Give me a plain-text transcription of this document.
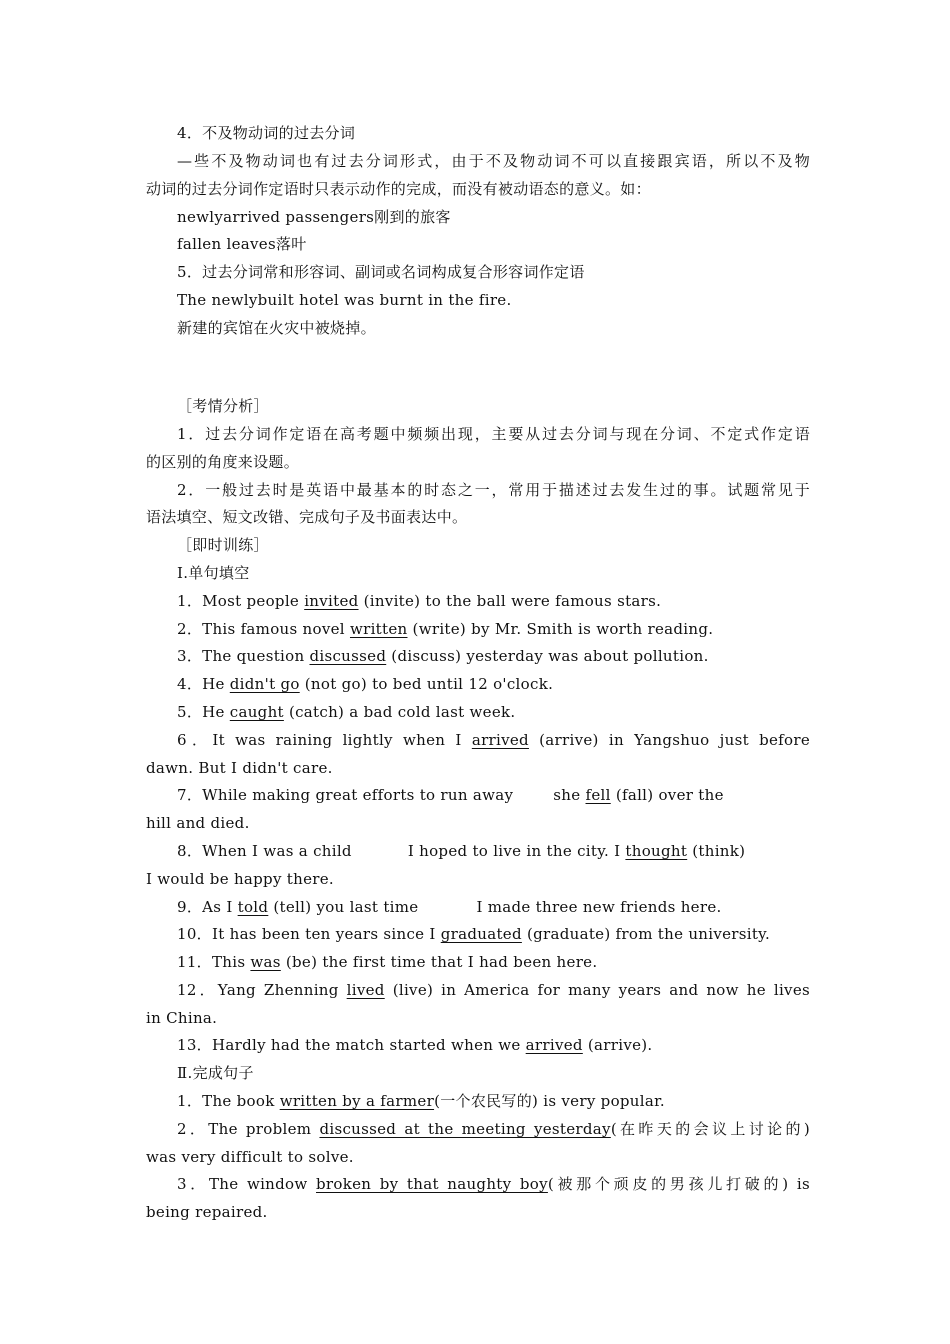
4．不及物动词的过去分词
—些不及物动词也有过去分词形式，由于不及物动词不可以直接跟宾语，所以不及物
动词的过去分词作定语时只表示动作的完成，而没有被动语态的意义。如：
newlyarrived passengers刚到的旅客
fallen leaves落叶
5．过去分词常和形容词、副词或名词构成复合形容词作定语
The newlybuilt hotel was burnt in the fire.
新建的宾馆在火灾中被烧掉。
［考情分析］
1．过去分词作定语在高考题中频频出现，主要从过去分词与现在分词、不定式作定语
的区别的角度来设题。
2．一般过去时是英语中最基本的时态之一，常用于描述过去发生过的事。试题常见于
语法填空、短文改错、完成句子及书面表达中。
［即时训练］
Ⅰ.单句填空
1．Most people invited (invite) to the ball were famous stars.
2．This famous novel written (write) by Mr. Smith is worth reading.
3．The question discussed (discuss) yesterday was about pollution.
4．He didn't go (not go) to bed until 12 o'clock.
5．He caught (catch) a bad cold last week.
6．It was raining lightly when I arrived (arrive) in Yangshuo just before
dawn. But I didn't care.
7．While making great efforts to run away	she fell (fall) over the
hill and died.
8．When I was a child	I hoped to live in the city. I thought (think)
I would be happy there.
9．As I told (tell) you last time	I made three new friends here.
10．It has been ten years since I graduated (graduate) from the university.
11．This was (be) the first time that I had been here.
12．Yang Zhenning lived (live) in America for many years and now he lives
in China.
13．Hardly had the match started when we arrived (arrive).
Ⅱ.完成句子
1．The book written by a farmer(一个农民写的) is very popular.
2．The problem discussed at the meeting yesterday(在昨天的会议上讨论的)
was very difficult to solve.
3．The window broken by that naughty boy(被那个顽皮的男孩儿打破的) is
being repaired.
